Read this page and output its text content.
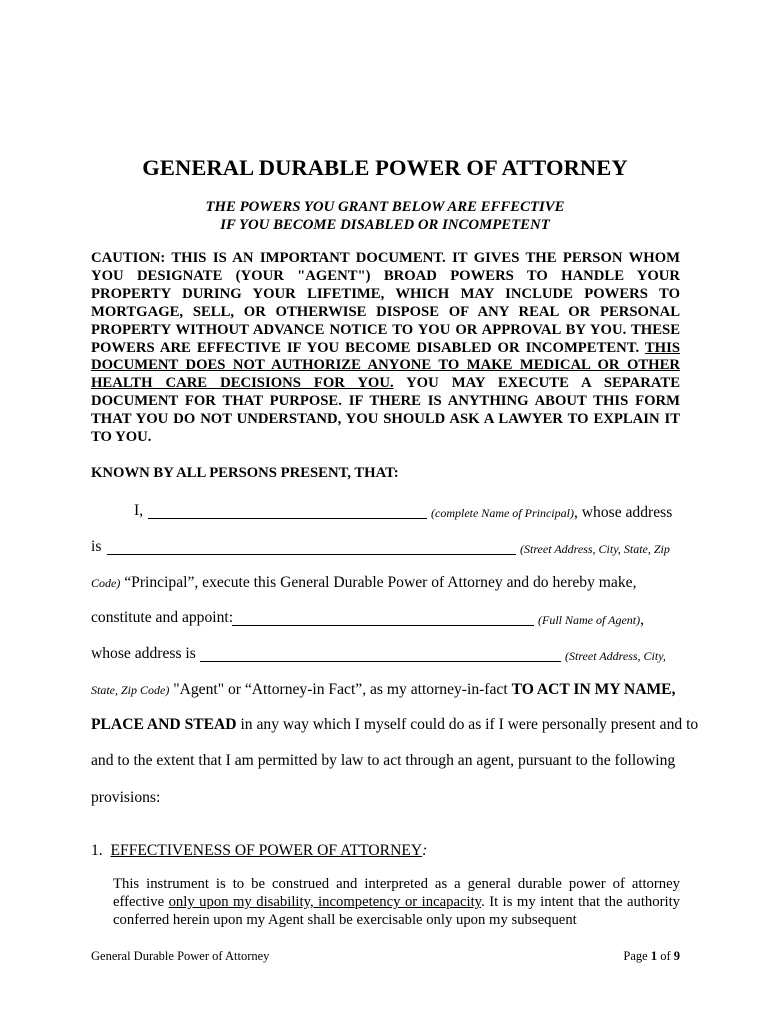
GENERAL DURABLE POWER OF ATTORNEY
THE POWERS YOU GRANT BELOW ARE EFFECTIVE
IF YOU BECOME DISABLED OR INCOMPETENT
CAUTION: THIS IS AN IMPORTANT DOCUMENT. IT GIVES THE PERSON WHOM YOU DESIGNATE (YOUR "AGENT") BROAD POWERS TO HANDLE YOUR PROPERTY DURING YOUR LIFETIME, WHICH MAY INCLUDE POWERS TO MORTGAGE, SELL, OR OTHERWISE DISPOSE OF ANY REAL OR PERSONAL PROPERTY WITHOUT ADVANCE NOTICE TO YOU OR APPROVAL BY YOU. THESE POWERS ARE EFFECTIVE IF YOU BECOME DISABLED OR INCOMPETENT. THIS DOCUMENT DOES NOT AUTHORIZE ANYONE TO MAKE MEDICAL OR OTHER HEALTH CARE DECISIONS FOR YOU. YOU MAY EXECUTE A SEPARATE DOCUMENT FOR THAT PURPOSE. IF THERE IS ANYTHING ABOUT THIS FORM THAT YOU DO NOT UNDERSTAND, YOU SHOULD ASK A LAWYER TO EXPLAIN IT TO YOU.
KNOWN BY ALL PERSONS PRESENT, THAT:
I,	(complete Name of Principal), whose address
is	(Street Address, City, State, Zip
Code) “Principal”, execute this General Durable Power of Attorney and do hereby make,
constitute and appoint:	(Full Name of Agent),
whose address is	(Street Address, City,
State, Zip Code) "Agent" or “Attorney-in Fact”, as my attorney-in-fact TO ACT IN MY NAME,
PLACE AND STEAD in any way which I myself could do as if I were personally present and to
and to the extent that I am permitted by law to act through an agent, pursuant to the following
provisions:
1. EFFECTIVENESS OF POWER OF ATTORNEY:
This instrument is to be construed and interpreted as a general durable power of attorney effective only upon my disability, incompetency or incapacity. It is my intent that the authority conferred herein upon my Agent shall be exercisable only upon my subsequent
General Durable Power of Attorney	Page 1 of 9
